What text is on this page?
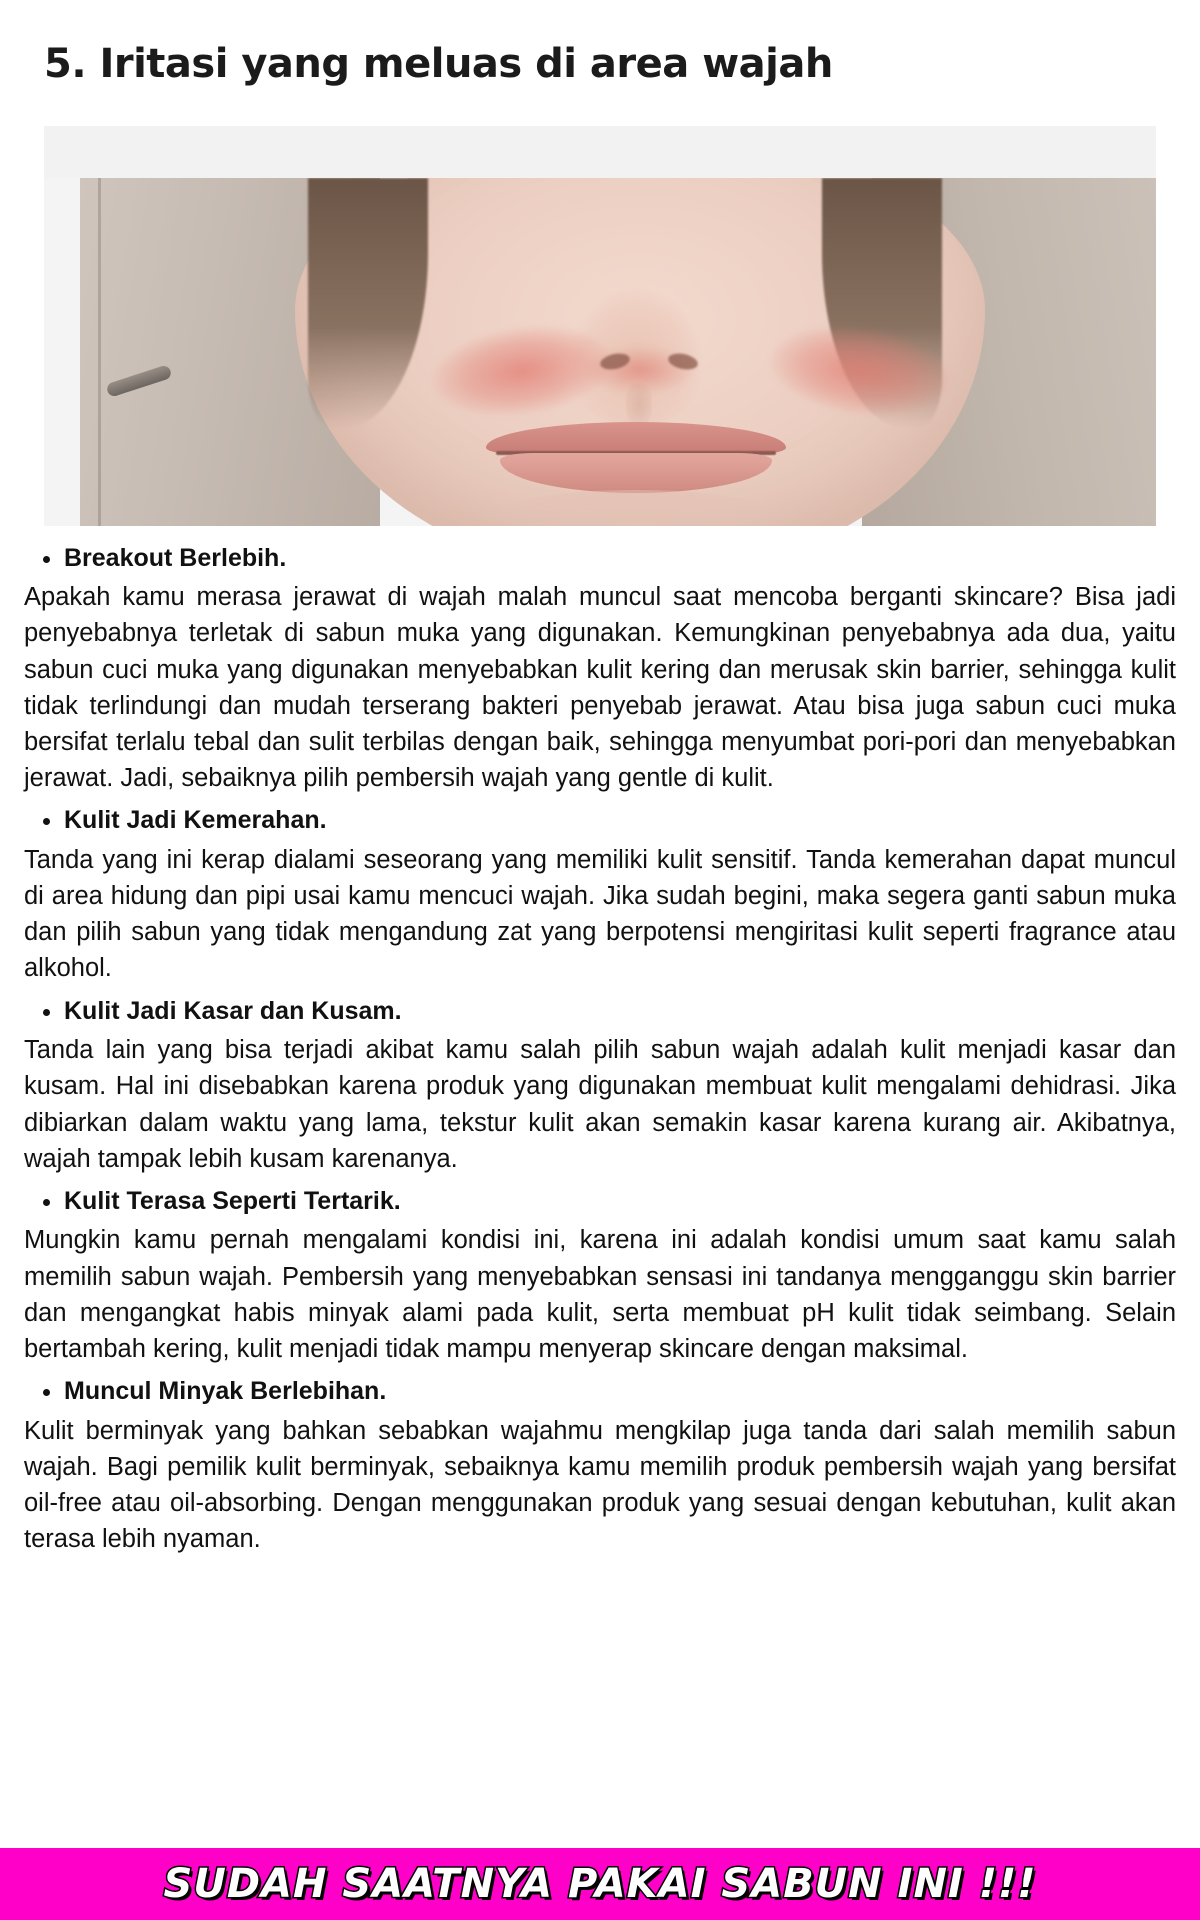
5. Iritasi yang meluas di area wajah
• Breakout Berlebih.

Apakah kamu merasa jerawat di wajah malah muncul saat mencoba berganti skincare? Bisa jadi penyebabnya terletak di sabun muka yang digunakan. Kemungkinan penyebabnya ada dua, yaitu sabun cuci muka yang digunakan menyebabkan kulit kering dan merusak skin barrier, sehingga kulit tidak terlindungi dan mudah terserang bakteri penyebab jerawat. Atau bisa juga sabun cuci muka bersifat terlalu tebal dan sulit terbilas dengan baik, sehingga menyumbat pori-pori dan menyebabkan jerawat. Jadi, sebaiknya pilih pembersih wajah yang gentle di kulit.

• Kulit Jadi Kemerahan.

Tanda yang ini kerap dialami seseorang yang memiliki kulit sensitif. Tanda kemerahan dapat muncul di area hidung dan pipi usai kamu mencuci wajah. Jika sudah begini, maka segera ganti sabun muka dan pilih sabun yang tidak mengandung zat yang berpotensi mengiritasi kulit seperti fragrance atau alkohol.

• Kulit Jadi Kasar dan Kusam.

Tanda lain yang bisa terjadi akibat kamu salah pilih sabun wajah adalah kulit menjadi kasar dan kusam. Hal ini disebabkan karena produk yang digunakan membuat kulit mengalami dehidrasi. Jika dibiarkan dalam waktu yang lama, tekstur kulit akan semakin kasar karena kurang air. Akibatnya, wajah tampak lebih kusam karenanya.

• Kulit Terasa Seperti Tertarik.

Mungkin kamu pernah mengalami kondisi ini, karena ini adalah kondisi umum saat kamu salah memilih sabun wajah. Pembersih yang menyebabkan sensasi ini tandanya mengganggu skin barrier dan mengangkat habis minyak alami pada kulit, serta membuat pH kulit tidak seimbang. Selain bertambah kering, kulit menjadi tidak mampu menyerap skincare dengan maksimal.

• Muncul Minyak Berlebihan.

Kulit berminyak yang bahkan sebabkan wajahmu mengkilap juga tanda dari salah memilih sabun wajah. Bagi pemilik kulit berminyak, sebaiknya kamu memilih produk pembersih wajah yang bersifat oil-free atau oil-absorbing. Dengan menggunakan produk yang sesuai dengan kebutuhan, kulit akan terasa lebih nyaman.

SUDAH SAATNYA PAKAI SABUN INI !!!
